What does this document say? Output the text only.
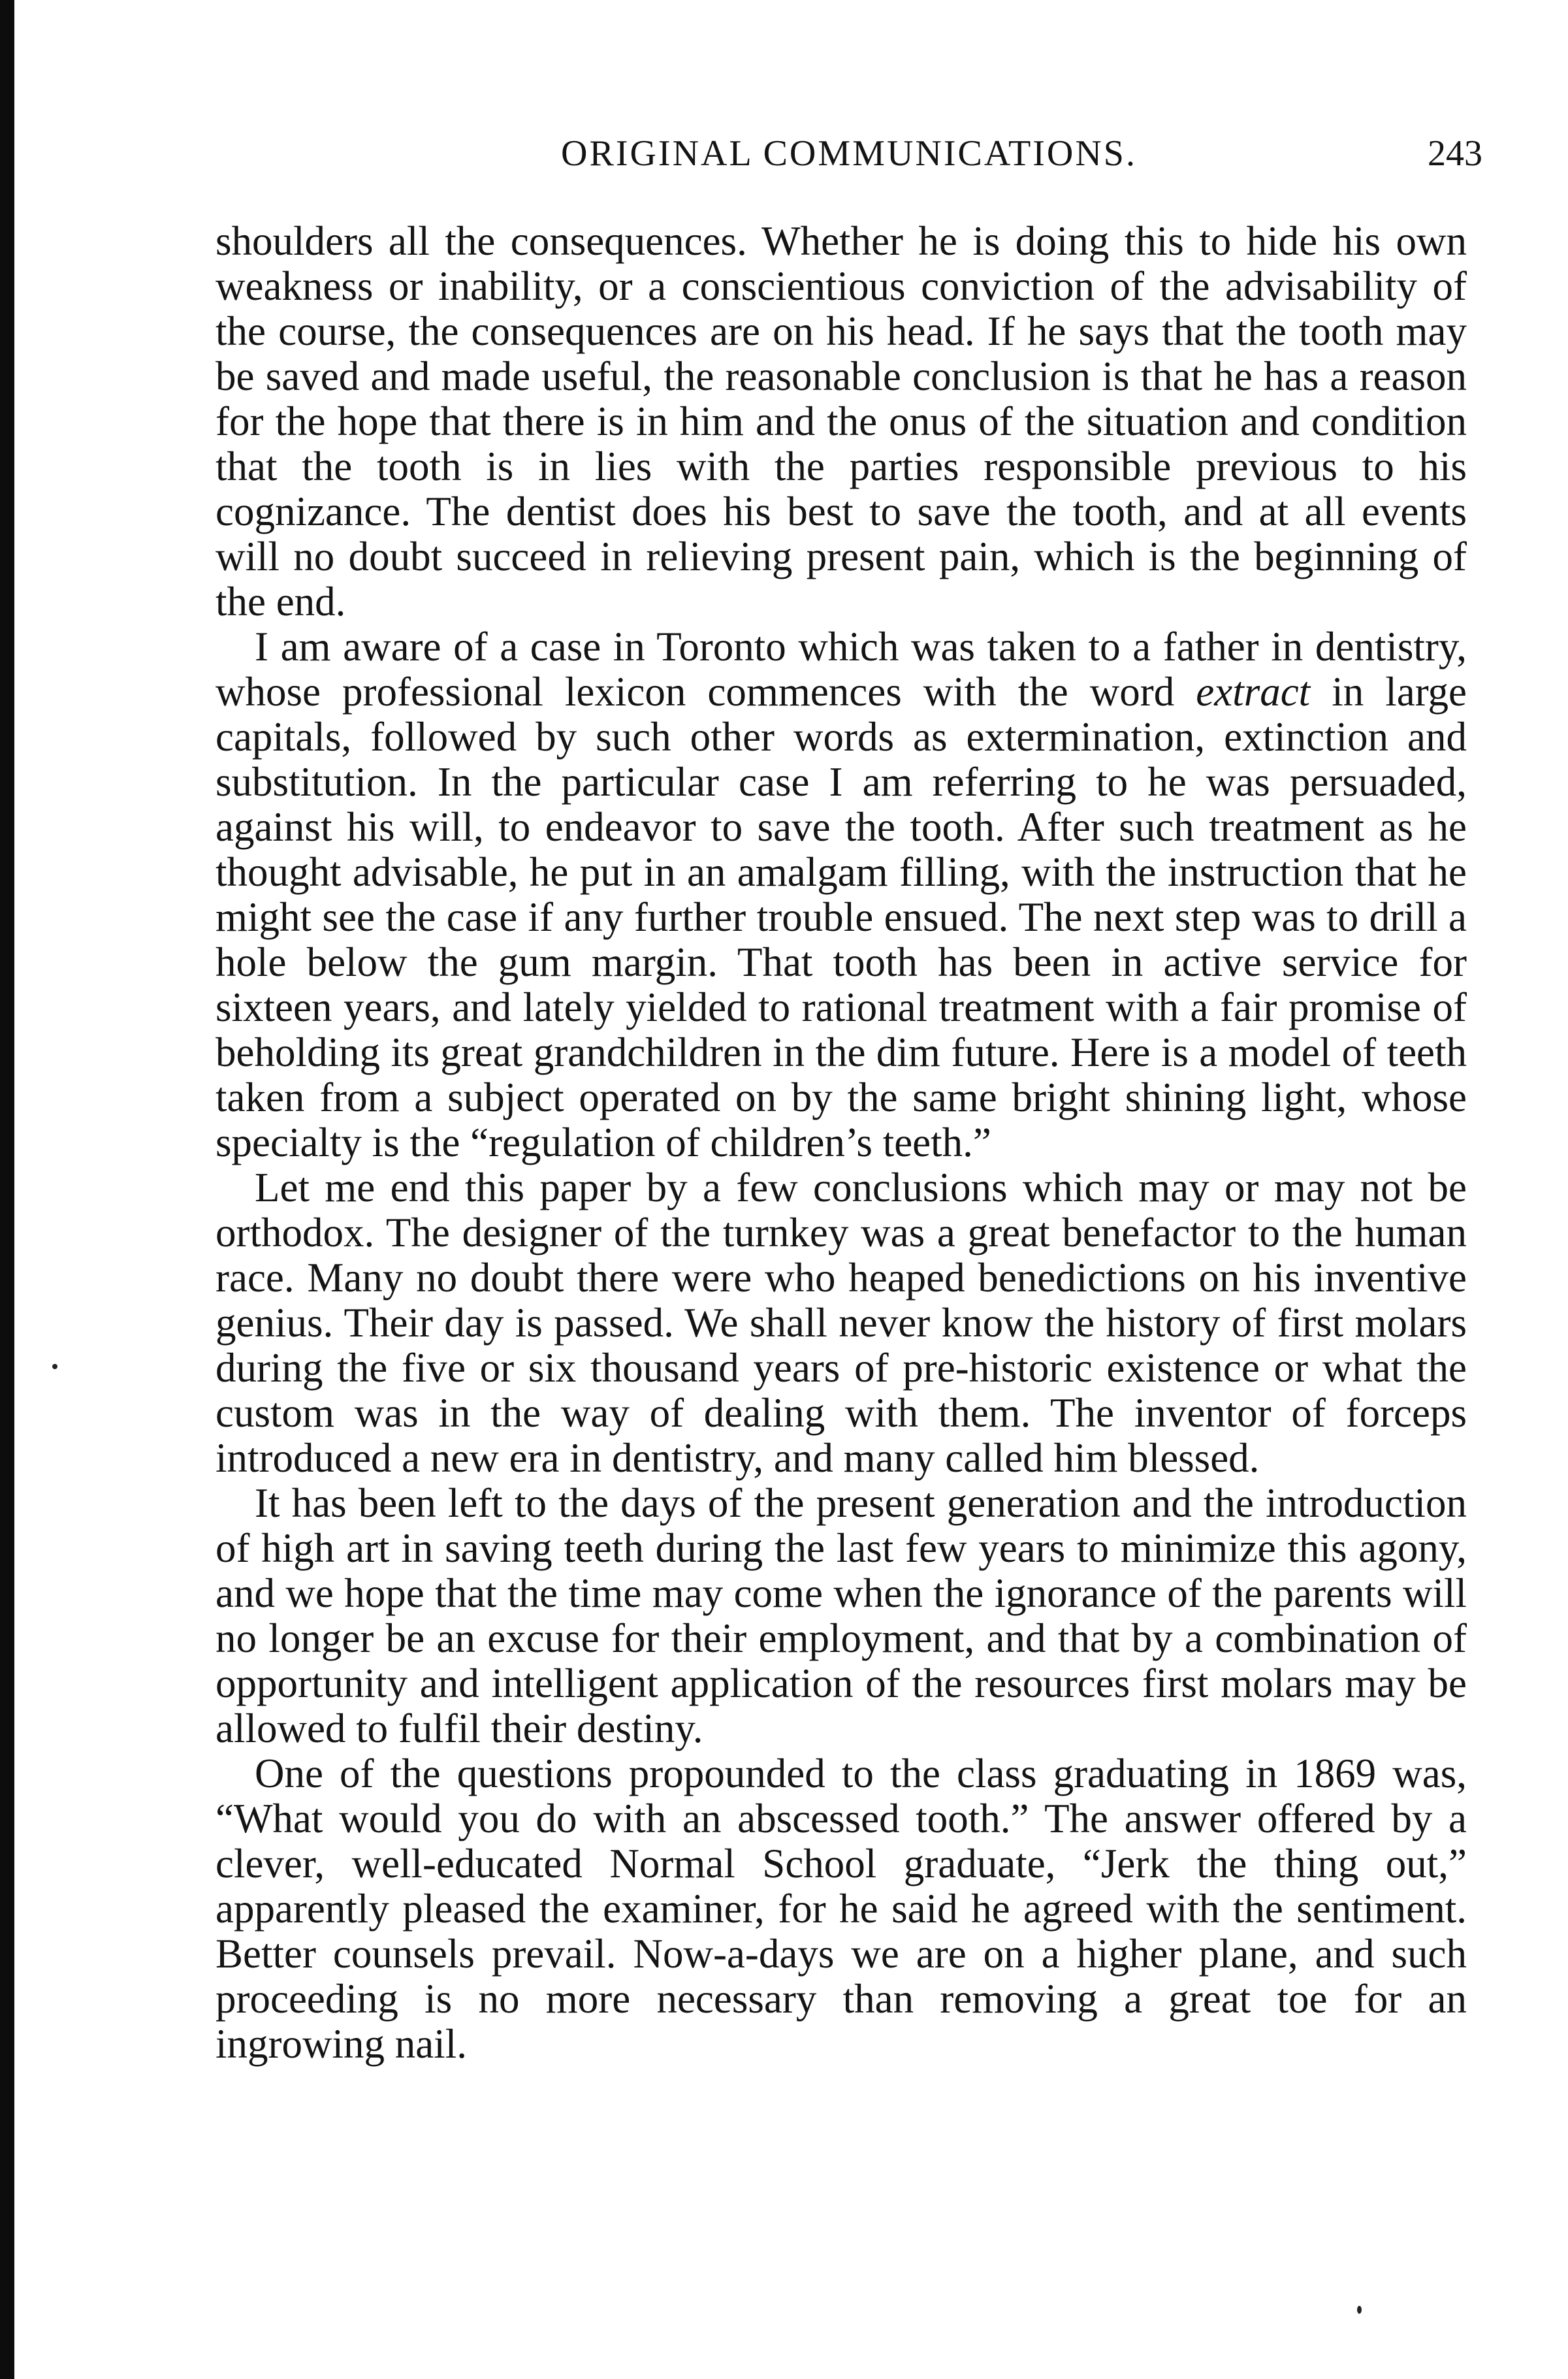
ORIGINAL COMMUNICATIONS.	243

shoulders all the consequences. Whether he is doing this to hide his own weakness or inability, or a conscientious conviction of the advisability of the course, the consequences are on his head. If he says that the tooth may be saved and made useful, the reasonable conclusion is that he has a reason for the hope that there is in him and the onus of the situation and condition that the tooth is in lies with the parties responsible previous to his cognizance. The dentist does his best to save the tooth, and at all events will no doubt succeed in relieving present pain, which is the beginning of the end.

I am aware of a case in Toronto which was taken to a father in dentistry, whose professional lexicon commences with the word extract in large capitals, followed by such other words as extermination, extinction and substitution. In the particular case I am referring to he was persuaded, against his will, to endeavor to save the tooth. After such treatment as he thought advisable, he put in an amalgam filling, with the instruction that he might see the case if any further trouble ensued. The next step was to drill a hole below the gum margin. That tooth has been in active service for sixteen years, and lately yielded to rational treatment with a fair promise of beholding its great grandchildren in the dim future. Here is a model of teeth taken from a subject operated on by the same bright shining light, whose specialty is the “regulation of children’s teeth.”

Let me end this paper by a few conclusions which may or may not be orthodox. The designer of the turnkey was a great benefactor to the human race. Many no doubt there were who heaped benedictions on his inventive genius. Their day is passed. We shall never know the history of first molars during the five or six thousand years of pre-historic existence or what the custom was in the way of dealing with them. The inventor of forceps introduced a new era in dentistry, and many called him blessed.

It has been left to the days of the present generation and the introduction of high art in saving teeth during the last few years to minimize this agony, and we hope that the time may come when the ignorance of the parents will no longer be an excuse for their employment, and that by a combination of opportunity and intelligent application of the resources first molars may be allowed to fulfil their destiny.

One of the questions propounded to the class graduating in 1869 was, “What would you do with an abscessed tooth.” The answer offered by a clever, well-educated Normal School graduate, “Jerk the thing out,” apparently pleased the examiner, for he said he agreed with the sentiment. Better counsels prevail. Now-a-days we are on a higher plane, and such proceeding is no more necessary than removing a great toe for an ingrowing nail.
